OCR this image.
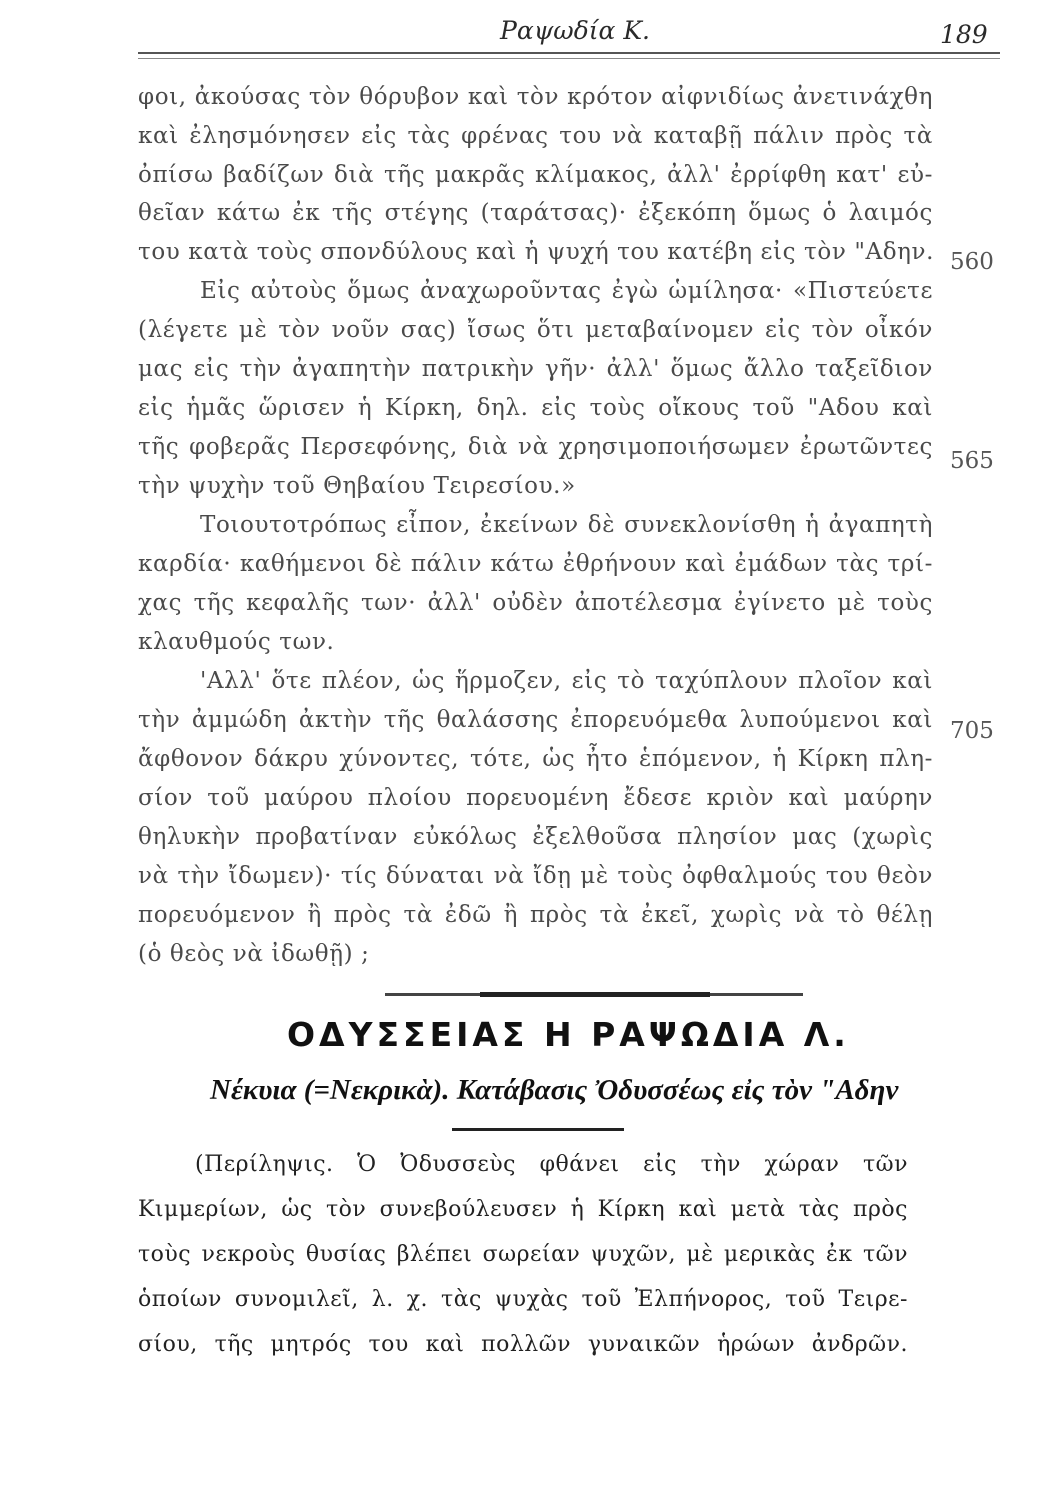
Ραψωδία Κ.	189
φοι, ἀκούσας τὸν θόρυβον καὶ τὸν κρότον αἰφνιδίως ἀνετινάχθη
καὶ ἐλησμόνησεν εἰς τὰς φρένας του νὰ καταβῇ πάλιν πρὸς τὰ
ὀπίσω βαδίζων διὰ τῆς μακρᾶς κλίμακος, ἀλλ' ἐρρίφθη κατ' εὐ-
θεῖαν κάτω ἐκ τῆς στέγης (ταράτσας)· ἐξεκόπη ὅμως ὁ λαιμός
του κατὰ τοὺς σπονδύλους καὶ ἡ ψυχή του κατέβη εἰς τὸν "Αδην. 560
Εἰς αὐτοὺς ὅμως ἀναχωροῦντας ἐγὼ ὡμίλησα· «Πιστεύετε
(λέγετε μὲ τὸν νοῦν σας) ἴσως ὅτι μεταβαίνομεν εἰς τὸν οἶκόν
μας εἰς τὴν ἀγαπητὴν πατρικὴν γῆν· ἀλλ' ὅμως ἄλλο ταξεῖδιον
εἰς ἡμᾶς ὥρισεν ἡ Κίρκη, δηλ. εἰς τοὺς οἴκους τοῦ "Αδου καὶ
τῆς φοβερᾶς Περσεφόνης, διὰ νὰ χρησιμοποιήσωμεν ἐρωτῶντες
565
τὴν ψυχὴν τοῦ Θηβαίου Τειρεσίου.»
Τοιουτοτρόπως εἶπον, ἐκείνων δὲ συνεκλονίσθη ἡ ἀγαπητὴ
καρδία· καθήμενοι δὲ πάλιν κάτω ἐθρήνουν καὶ ἐμάδων τὰς τρί-
χας τῆς κεφαλῆς των· ἀλλ' οὐδὲν ἀποτέλεσμα ἐγίνετο μὲ τοὺς
κλαυθμούς των.
'Αλλ' ὅτε πλέον, ὡς ἥρμοζεν, εἰς τὸ ταχύπλουν πλοῖον καὶ
τὴν ἀμμώδη ἀκτὴν τῆς θαλάσσης ἐπορευόμεθα λυπούμενοι καὶ 705
ἄφθονον δάκρυ χύνοντες, τότε, ὡς ἦτο ἑπόμενον, ἡ Κίρκη πλη-
σίον τοῦ μαύρου πλοίου πορευομένη ἔδεσε κριὸν καὶ μαύρην
θηλυκὴν προβατίναν εὐκόλως ἐξελθοῦσα πλησίον μας (χωρὶς
νὰ τὴν ἴδωμεν)· τίς δύναται νὰ ἴδῃ μὲ τοὺς ὀφθαλμούς του θεὸν
πορευόμενον ἢ πρὸς τὰ ἐδῶ ἢ πρὸς τὰ ἐκεῖ, χωρὶς νὰ τὸ θέλῃ
(ὁ θεὸς νὰ ἰδωθῇ) ;
ΟΔΥΣΣΕΙΑΣ Η ΡΑΨΩΔΙΑ Λ.
Νέκυια (=Νεκρικὰ). Κατάβασις Ὀδυσσέως εἰς τὸν "Αδην
(Περίληψις. Ὁ Ὀδυσσεὺς φθάνει εἰς τὴν χώραν τῶν
Κιμμερίων, ὡς τὸν συνεβούλευσεν ἡ Κίρκη καὶ μετὰ τὰς πρὸς
τοὺς νεκροὺς θυσίας βλέπει σωρείαν ψυχῶν, μὲ μερικὰς ἐκ τῶν
ὁποίων συνομιλεῖ, λ. χ. τὰς ψυχὰς τοῦ Ἐλπήνορος, τοῦ Τειρε-
σίου, τῆς μητρός του καὶ πολλῶν γυναικῶν ἡρώων ἀνδρῶν.
